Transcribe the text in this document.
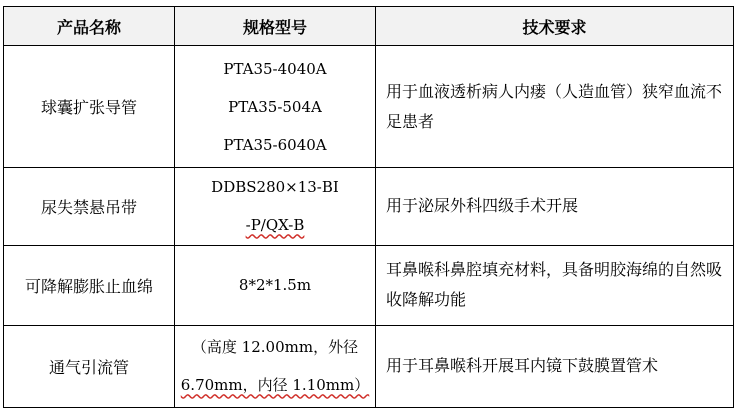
产品名称	规格型号	技术要求
球囊扩张导管	PTA35-4040A
PTA35-504A
PTA35-6040A	用于血液透析病人内瘘（人造血管）狭窄血流不足患者

尿失禁悬吊带	DDBS280×13-BⅠ
-P/QX-B	用于泌尿外科四级手术开展

可降解膨胀止血绵	8*2*1.5m	耳鼻喉科鼻腔填充材料，具备明胶海绵的自然吸收降解功能

通气引流管	（高度 12.00mm，外径
6.70mm，内径 1.10mm）	用于耳鼻喉科开展耳内镜下鼓膜置管术
